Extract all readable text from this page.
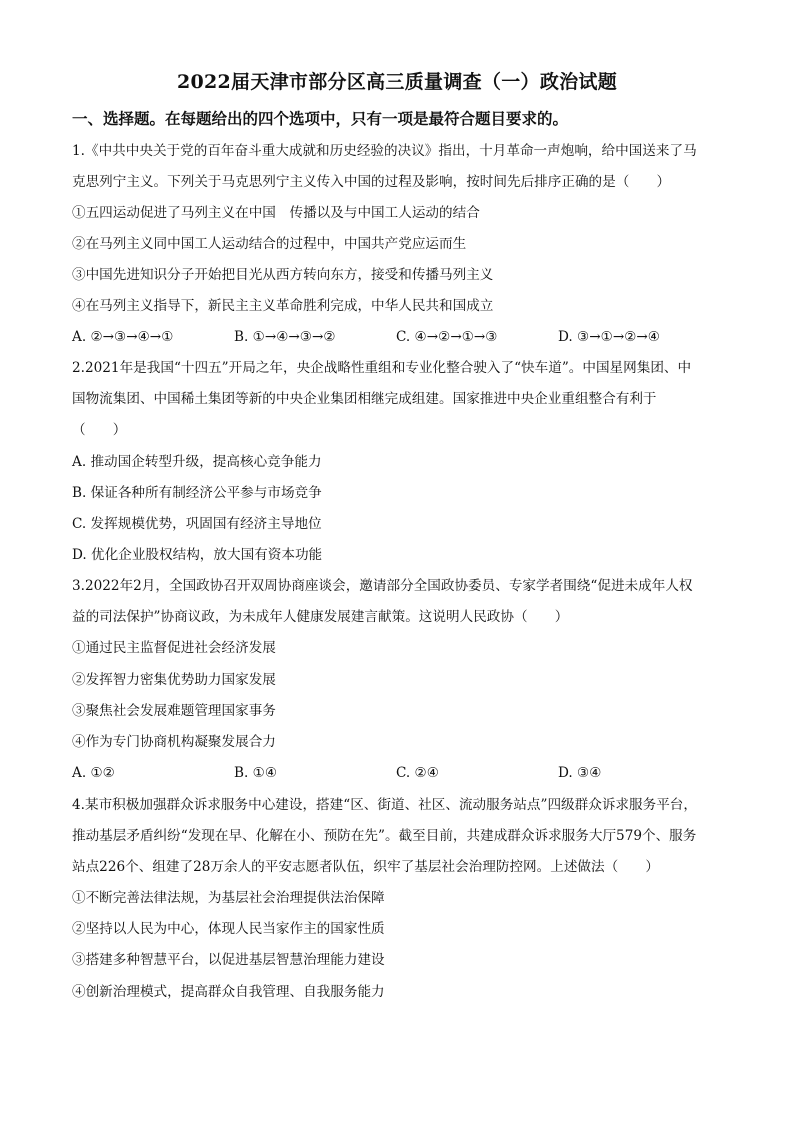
2022届天津市部分区高三质量调查（一）政治试题
一、选择题。在每题给出的四个选项中，只有一项是最符合题目要求的。
1.《中共中央关于党的百年奋斗重大成就和历史经验的决议》指出，十月革命一声炮响，给中国送来了马
克思列宁主义。下列关于马克思列宁主义传入中国的过程及影响，按时间先后排序正确的是（　　）
①五四运动促进了马列主义在中国　传播以及与中国工人运动的结合
②在马列主义同中国工人运动结合的过程中，中国共产党应运而生
③中国先进知识分子开始把目光从西方转向东方，接受和传播马列主义
④在马列主义指导下，新民主主义革命胜利完成，中华人民共和国成立
A. ②→③→④→①	B. ①→④→③→②	C. ④→②→①→③	D. ③→①→②→④
2.2021年是我国“十四五”开局之年，央企战略性重组和专业化整合驶入了“快车道”。中国星网集团、中
国物流集团、中国稀土集团等新的中央企业集团相继完成组建。国家推进中央企业重组整合有利于
（　　）
A. 推动国企转型升级，提高核心竞争能力
B. 保证各种所有制经济公平参与市场竞争
C. 发挥规模优势，巩固国有经济主导地位
D. 优化企业股权结构，放大国有资本功能
3.2022年2月，全国政协召开双周协商座谈会，邀请部分全国政协委员、专家学者围绕“促进未成年人权
益的司法保护”协商议政，为未成年人健康发展建言献策。这说明人民政协（　　）
①通过民主监督促进社会经济发展
②发挥智力密集优势助力国家发展
③聚焦社会发展难题管理国家事务
④作为专门协商机构凝聚发展合力
A. ①②	B. ①④	C. ②④	D. ③④
4.某市积极加强群众诉求服务中心建设，搭建“区、街道、社区、流动服务站点”四级群众诉求服务平台，
推动基层矛盾纠纷“发现在早、化解在小、预防在先”。截至目前，共建成群众诉求服务大厅579个、服务
站点226个、组建了28万余人的平安志愿者队伍，织牢了基层社会治理防控网。上述做法（　　）
①不断完善法律法规，为基层社会治理提供法治保障
②坚持以人民为中心，体现人民当家作主的国家性质
③搭建多种智慧平台，以促进基层智慧治理能力建设
④创新治理模式，提高群众自我管理、自我服务能力
